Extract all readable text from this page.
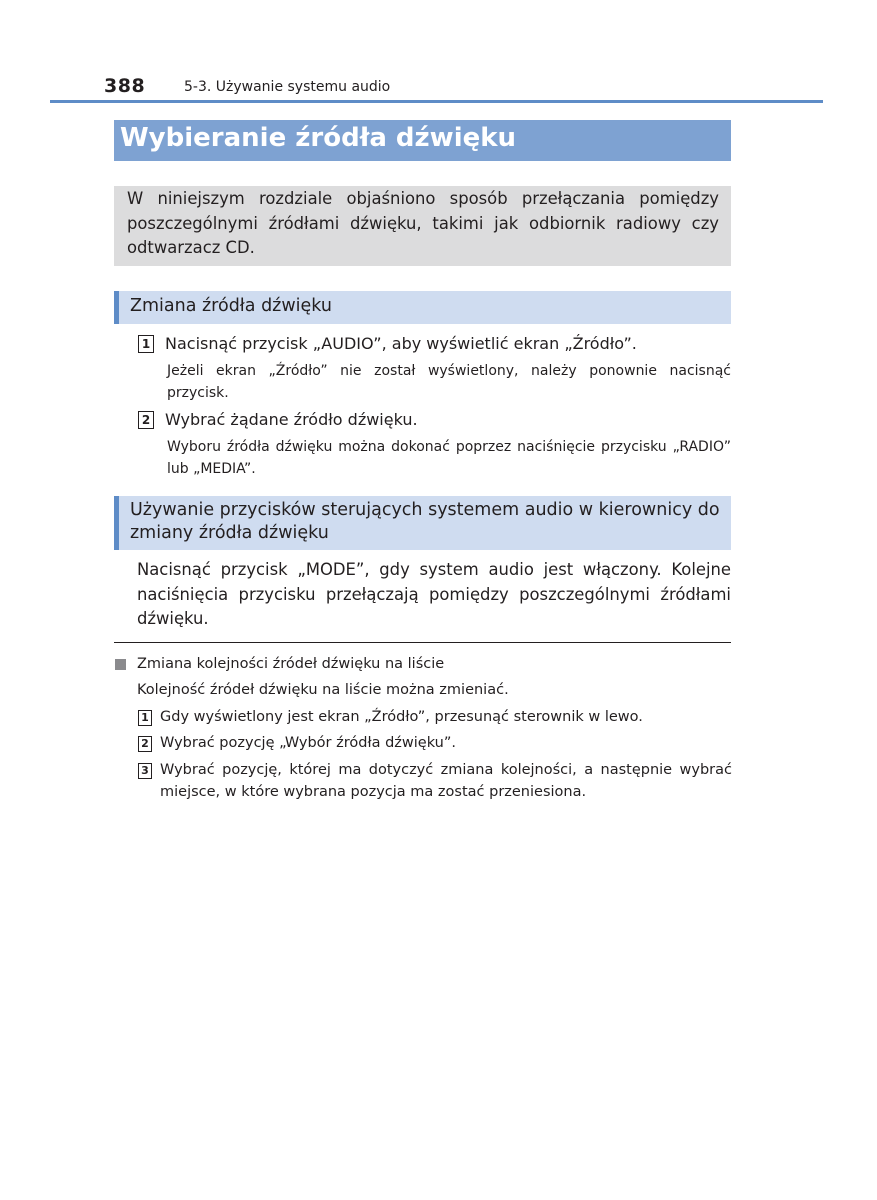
388	5-3. Używanie systemu audio
Wybieranie źródła dźwięku

W niniejszym rozdziale objaśniono sposób przełączania pomiędzy poszczególnymi źródłami dźwięku, takimi jak odbiornik radiowy czy odtwarzacz CD.

Zmiana źródła dźwięku
1 Nacisnąć przycisk „AUDIO”, aby wyświetlić ekran „Źródło”.
Jeżeli ekran „Źródło” nie został wyświetlony, należy ponownie nacisnąć przycisk.
2 Wybrać żądane źródło dźwięku.
Wyboru źródła dźwięku można dokonać poprzez naciśnięcie przycisku „RADIO” lub „MEDIA”.
Używanie przycisków sterujących systemem audio w kierownicy do zmiany źródła dźwięku

Nacisnąć przycisk „MODE”, gdy system audio jest włączony. Kolejne naciśnięcia przycisku przełączają pomiędzy poszczególnymi źródłami dźwięku.

Zmiana kolejności źródeł dźwięku na liście
Kolejność źródeł dźwięku na liście można zmieniać.
1 Gdy wyświetlony jest ekran „Źródło”, przesunąć sterownik w lewo.
2 Wybrać pozycję „Wybór źródła dźwięku”.
3 Wybrać pozycję, której ma dotyczyć zmiana kolejności, a następnie wybrać miejsce, w które wybrana pozycja ma zostać przeniesiona.
